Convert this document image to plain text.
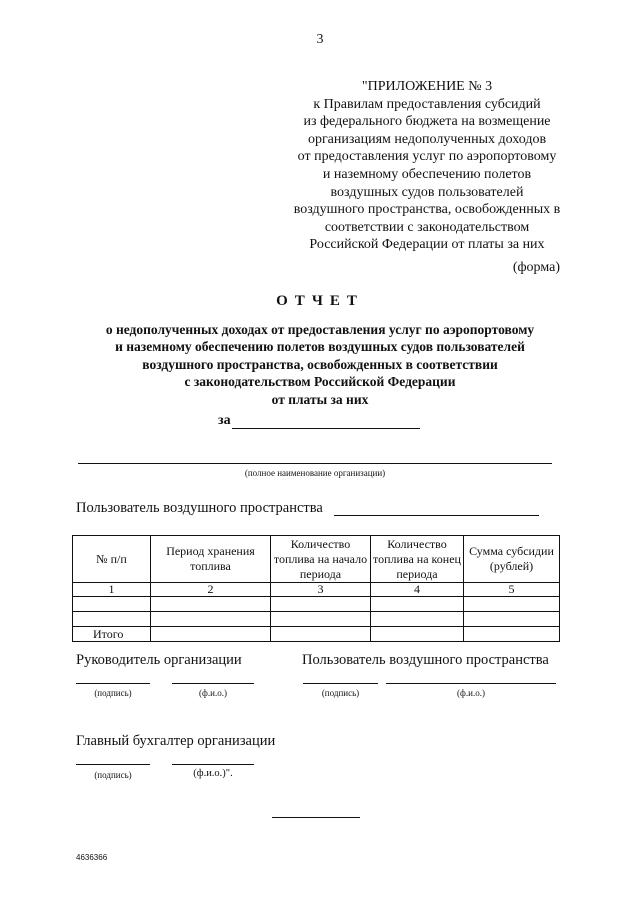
3
"ПРИЛОЖЕНИЕ № 3
к Правилам предоставления субсидий
из федерального бюджета на возмещение
организациям недополученных доходов
от предоставления услуг по аэропортовому
и наземному обеспечению полетов
воздушных судов пользователей
воздушного пространства, освобожденных в
соответствии с законодательством
Российской Федерации от платы за них
(форма)
ОТЧЕТ
о недополученных доходах от предоставления услуг по аэропортовому
и наземному обеспечению полетов воздушных судов пользователей
воздушного пространства, освобожденных в соответствии
с законодательством Российской Федерации
от платы за них
за
(полное наименование организации)
Пользователь воздушного пространства
№ п/п	Период хранения топлива	Количество топлива на начало периода	Количество топлива на конец периода	Сумма субсидии (рублей)
1	2	3	4	5

Итого				
Руководитель организации
(подпись)	(ф.и.о.)
Пользователь воздушного пространства
(подпись)	(ф.и.о.)
Главный бухгалтер организации
(подпись)	(ф.и.о.)".
4636366
